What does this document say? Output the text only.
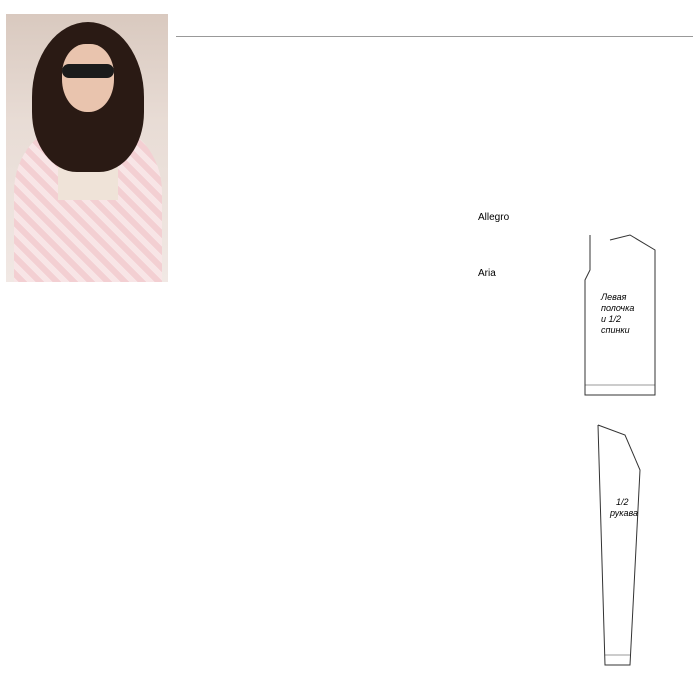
Allegro
Aria
Левая полочка и 1/2 спинки
1/2 рукава
